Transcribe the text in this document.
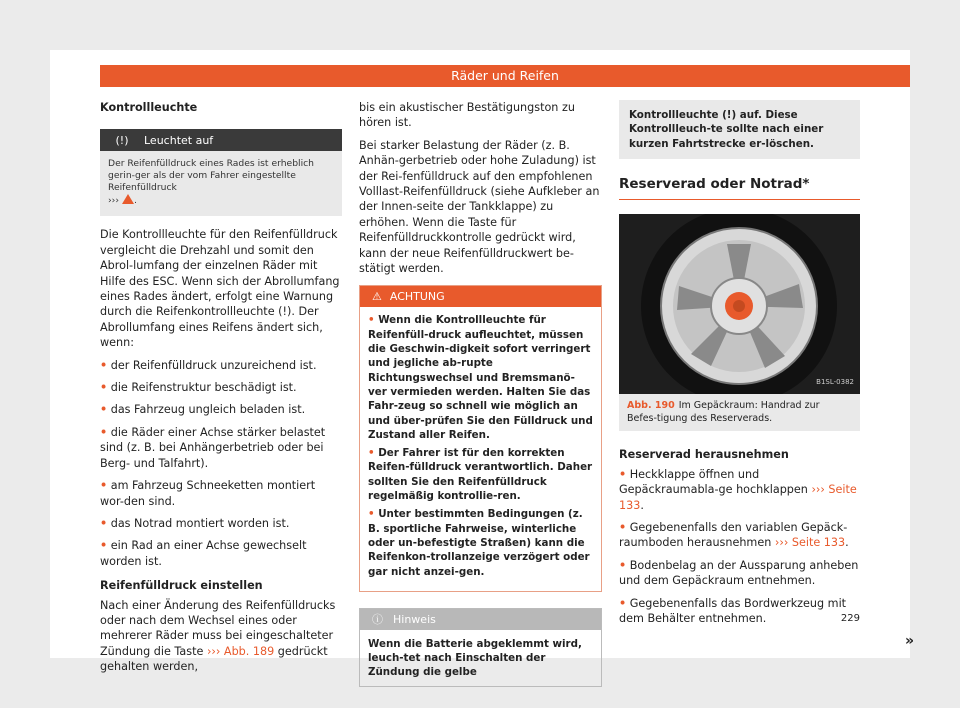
Räder und Reifen

Kontrollleuchte

(!)	Leuchtet auf
Der Reifenfülldruck eines Rades ist erheblich gerin-ger als der vom Fahrer eingestellte Reifenfülldruck
››› .

Die Kontrollleuchte für den Reifenfülldruck vergleicht die Drehzahl und somit den Abrol-lumfang der einzelnen Räder mit Hilfe des ESC. Wenn sich der Abrollumfang eines Rades ändert, erfolgt eine Warnung durch die Reifenkontrollleuchte (!). Der Abrollumfang eines Reifens ändert sich, wenn:

• der Reifenfülldruck unzureichend ist.

• die Reifenstruktur beschädigt ist.

• das Fahrzeug ungleich beladen ist.

• die Räder einer Achse stärker belastet sind (z. B. bei Anhängerbetrieb oder bei Berg- und Talfahrt).

• am Fahrzeug Schneeketten montiert wor-den sind.

• das Notrad montiert worden ist.

• ein Rad an einer Achse gewechselt worden ist.

Reifenfülldruck einstellen

Nach einer Änderung des Reifenfülldrucks oder nach dem Wechsel eines oder mehrerer Räder muss bei eingeschalteter Zündung die Taste ››› Abb. 189 gedrückt gehalten werden,

bis ein akustischer Bestätigungston zu hören ist.

Bei starker Belastung der Räder (z. B. Anhän-gerbetrieb oder hohe Zuladung) ist der Rei-fenfülldruck auf den empfohlenen Volllast-Reifenfülldruck (siehe Aufkleber an der Innen-seite der Tankklappe) zu erhöhen. Wenn die Taste für Reifenfülldruckkontrolle gedrückt wird, kann der neue Reifenfülldruckwert be-stätigt werden.

⚠ ACHTUNG

• Wenn die Kontrollleuchte für Reifenfüll-druck aufleuchtet, müssen die Geschwin-digkeit sofort verringert und jegliche ab-rupte Richtungswechsel und Bremsmanö-ver vermieden werden. Halten Sie das Fahr-zeug so schnell wie möglich an und über-prüfen Sie den Fülldruck und Zustand aller Reifen.

• Der Fahrer ist für den korrekten Reifen-fülldruck verantwortlich. Daher sollten Sie den Reifenfülldruck regelmäßig kontrollie-ren.

• Unter bestimmten Bedingungen (z. B. sportliche Fahrweise, winterliche oder un-befestigte Straßen) kann die Reifenkon-trollanzeige verzögert oder gar nicht anzei-gen.

ⓘ Hinweis
Wenn die Batterie abgeklemmt wird, leuch-tet nach Einschalten der Zündung die gelbe
Kontrollleuchte (!) auf. Diese Kontrollleuch-te sollte nach einer kurzen Fahrtstrecke er-löschen.
Reserverad oder Notrad*
B1SL-0382
Abb. 190 Im Gepäckraum: Handrad zur Befes-tigung des Reserverads.

Reserverad herausnehmen

• Heckklappe öffnen und Gepäckraumabla-ge hochklappen ››› Seite 133.

• Gegebenenfalls den variablen Gepäck-raumboden herausnehmen ››› Seite 133.

• Bodenbelag an der Aussparung anheben und dem Gepäckraum entnehmen.

• Gegebenenfalls das Bordwerkzeug mit dem Behälter entnehmen.

»
229
